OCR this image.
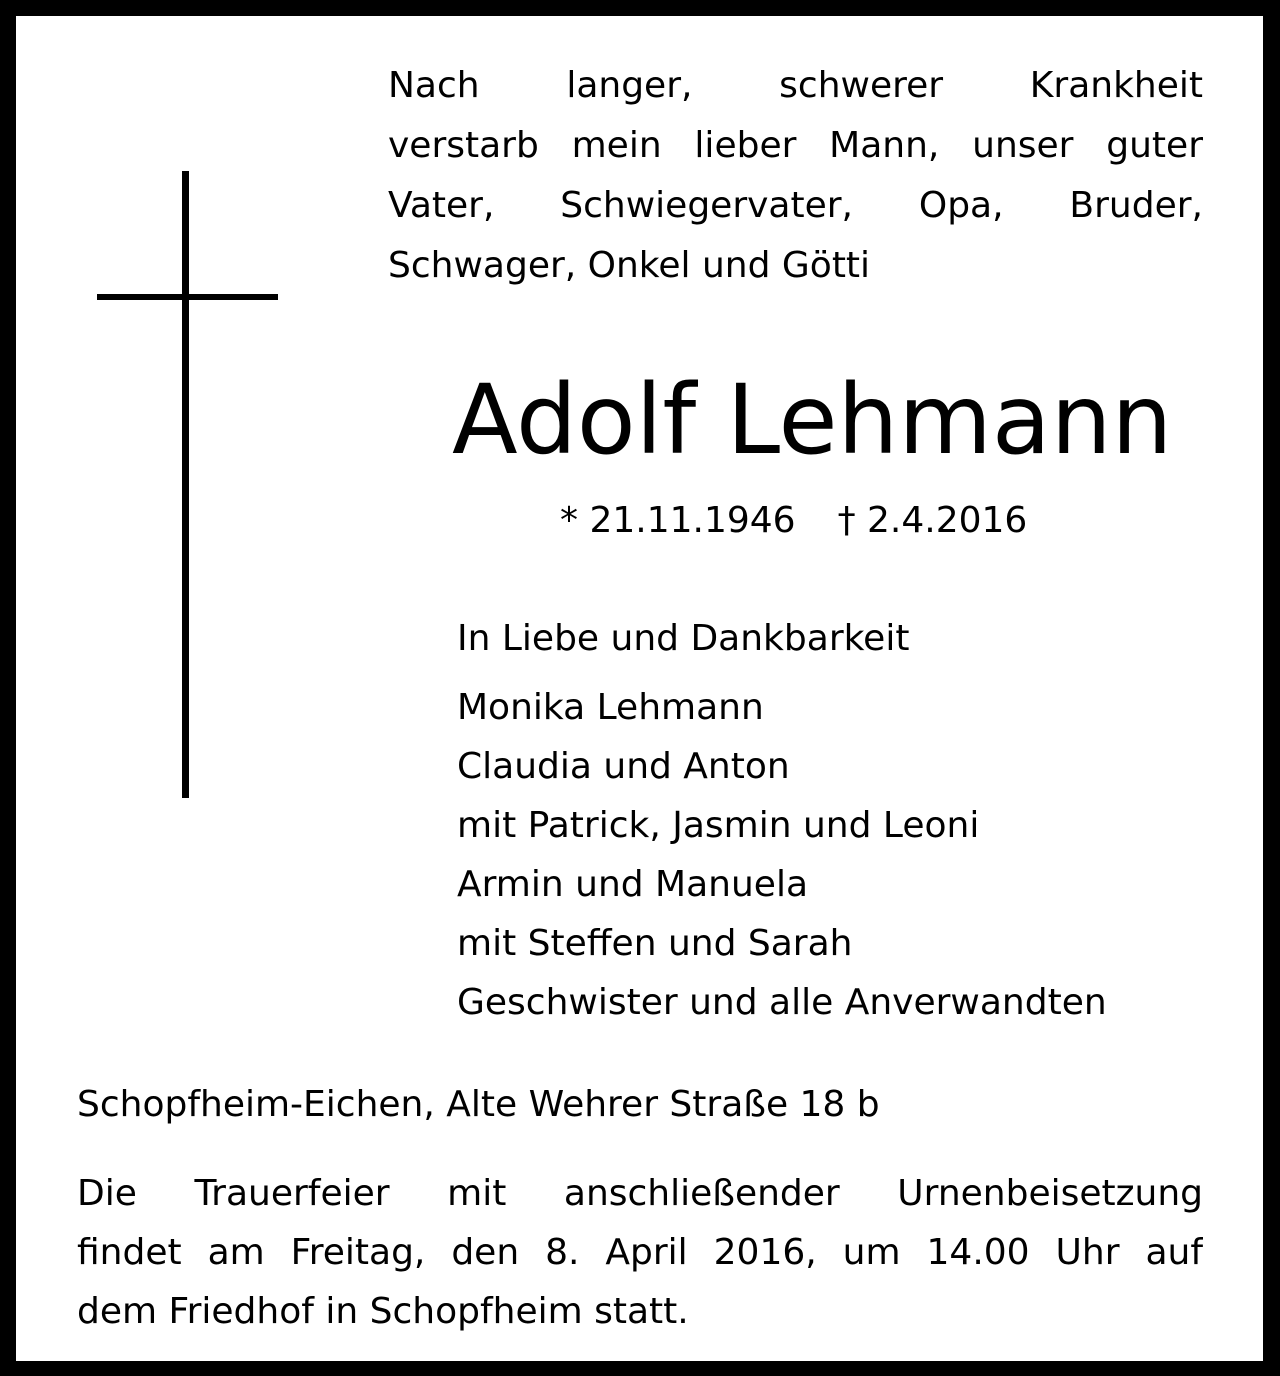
Nach langer, schwerer Krankheit
verstarb mein lieber Mann, unser guter
Vater, Schwiegervater, Opa, Bruder,
Schwager, Onkel und Götti
Adolf Lehmann
* 21.11.1946 † 2.4.2016
In Liebe und Dankbarkeit
Monika Lehmann
Claudia und Anton
mit Patrick, Jasmin und Leoni
Armin und Manuela
mit Steffen und Sarah
Geschwister und alle Anverwandten
Schopfheim-Eichen, Alte Wehrer Straße 18 b
Die Trauerfeier mit anschließender Urnenbeisetzung
findet am Freitag, den 8. April 2016, um 14.00 Uhr auf
dem Friedhof in Schopfheim statt.
